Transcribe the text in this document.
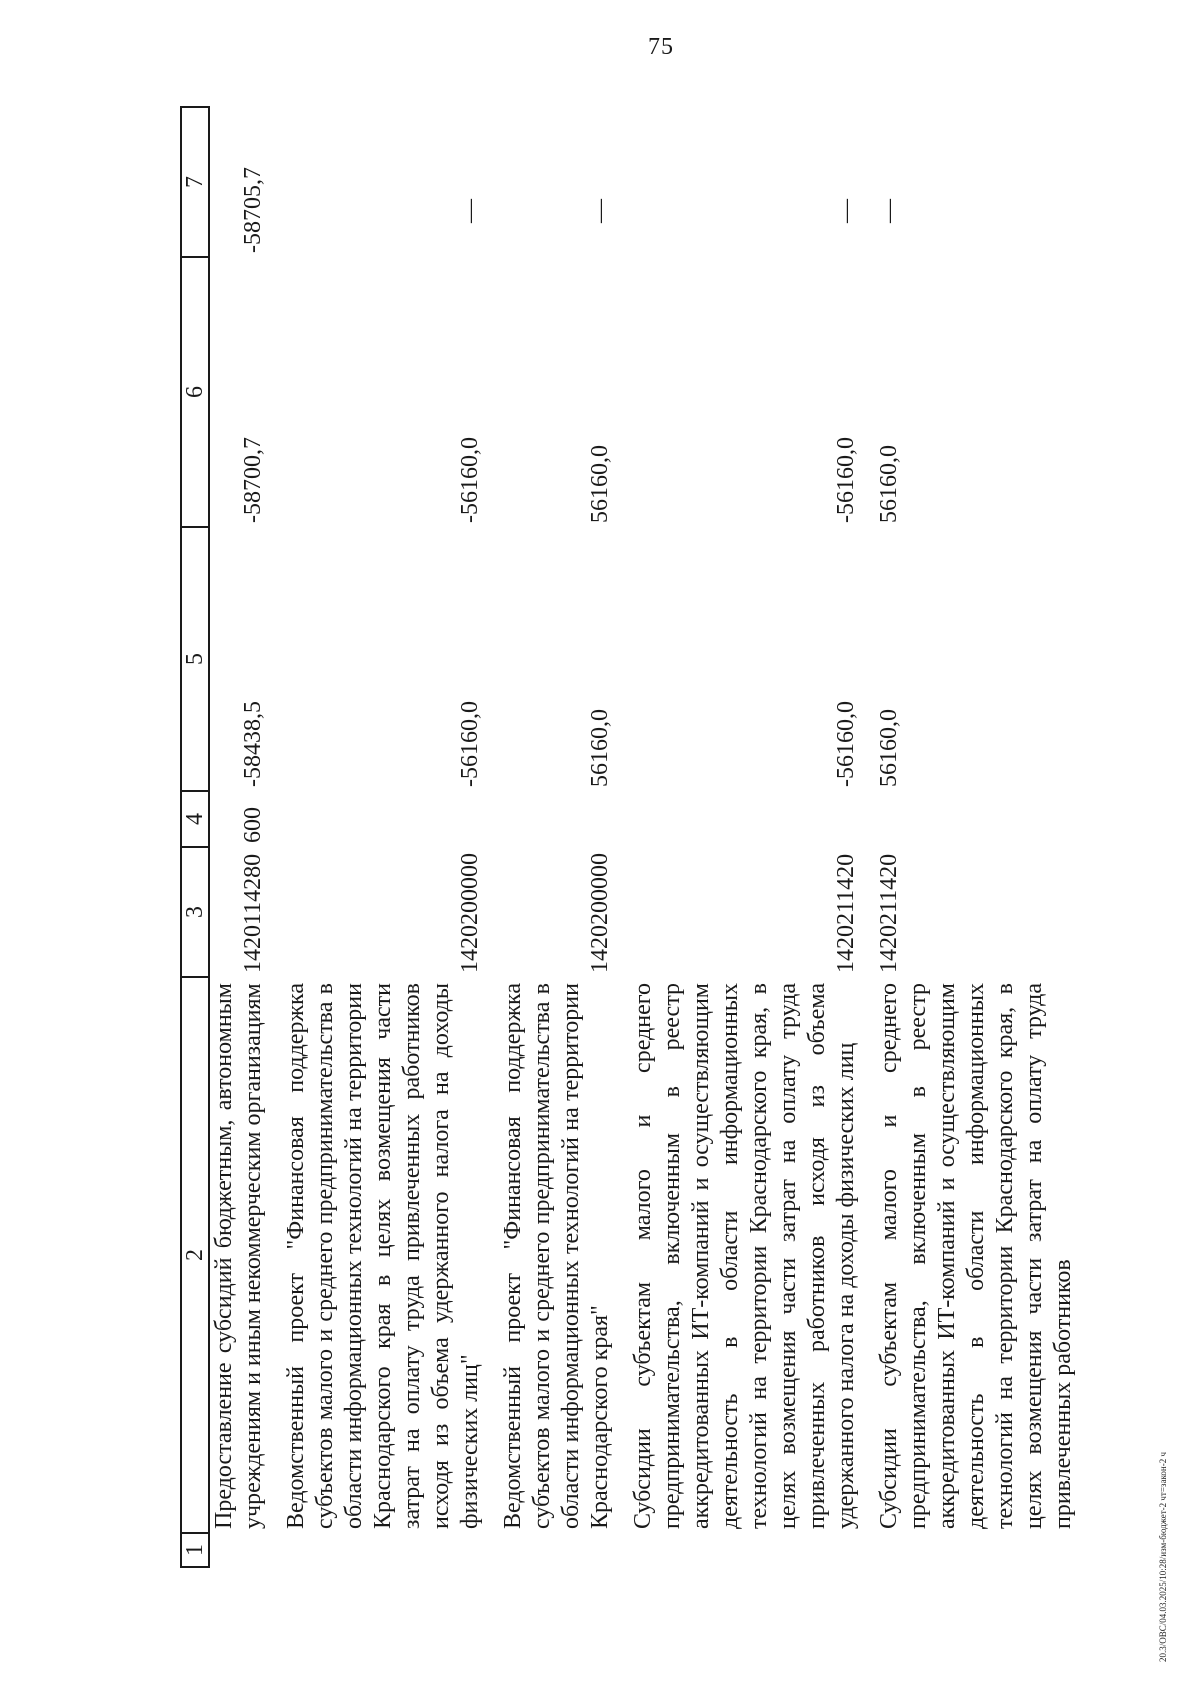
75
20.3/ОВС/04.03.2025/10:28/изм-бюджет-2 чт=закон-2 ч
1	2	3	4	5	6	7
	Предоставление субсидий бюджетным, автономным учреждениям и иным некоммерческим организациям	1420114280	600	-58438,5	-58700,7	-58705,7
	Ведомственный проект "Финансовая поддержка субъектов малого и среднего предпринимательства в области информационных технологий на территории Краснодарского края в целях возмещения части затрат на оплату труда привлеченных работников исходя из объема удержанного налога на доходы физических лиц"	1420200000		-56160,0	-56160,0	—
	Ведомственный проект "Финансовая поддержка субъектов малого и среднего предпринимательства в области информационных технологий на территории Краснодарского края"	1420200000		56160,0	56160,0	—
	Субсидии субъектам малого и среднего предпринимательства, включенным в реестр аккредитованных ИТ-компаний и осуществляющим деятельность в области информационных технологий на территории Краснодарского края, в целях возмещения части затрат на оплату труда привлеченных работников исходя из объема удержанного налога на доходы физических лиц	1420211420		-56160,0	-56160,0	—
	Субсидии субъектам малого и среднего предпринимательства, включенным в реестр аккредитованных ИТ-компаний и осуществляющим деятельность в области информационных технологий на территории Краснодарского края, в целях возмещения части затрат на оплату труда привлеченных работников	1420211420		56160,0	56160,0	—
